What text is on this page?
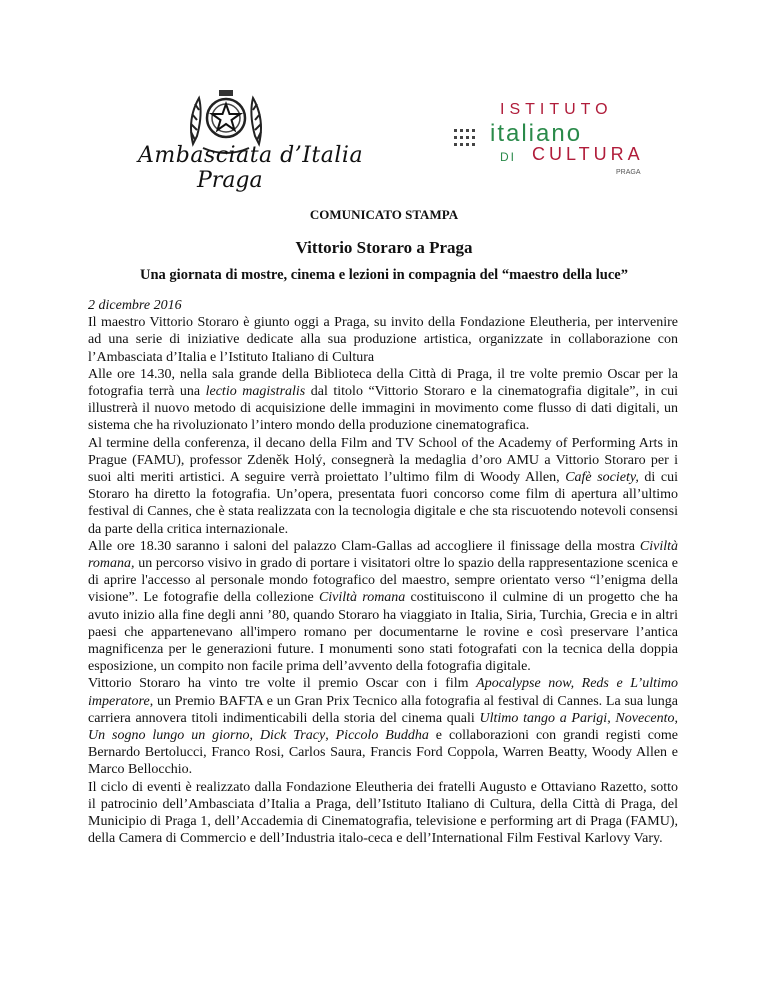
Ambasciata d’Italia
Praga
ISTITUTO
italiano
DI CULTURA
PRAGA
COMUNICATO STAMPA
Vittorio Storaro a Praga
Una giornata di mostre, cinema e lezioni in compagnia del “maestro della luce”

2 dicembre 2016

Il maestro Vittorio Storaro è giunto oggi a Praga, su invito della Fondazione Eleutheria, per intervenire ad una serie di iniziative dedicate alla sua produzione artistica, organizzate in collaborazione con l’Ambasciata d’Italia e l’Istituto Italiano di Cultura

Alle ore 14.30, nella sala grande della Biblioteca della Città di Praga, il tre volte premio Oscar per la fotografia terrà una lectio magistralis dal titolo “Vittorio Storaro e la cinematografia digitale”, in cui illustrerà il nuovo metodo di acquisizione delle immagini in movimento come flusso di dati digitali, un sistema che ha rivoluzionato l’intero mondo della produzione cinematografica.

Al termine della conferenza, il decano della Film and TV School of the Academy of Performing Arts in Prague (FAMU), professor Zdeněk Holý, consegnerà la medaglia d’oro AMU a Vittorio Storaro per i suoi alti meriti artistici. A seguire verrà proiettato l’ultimo film di Woody Allen, Cafè society, di cui Storaro ha diretto la fotografia. Un’opera, presentata fuori concorso come film di apertura all’ultimo festival di Cannes, che è stata realizzata con la tecnologia digitale e che sta riscuotendo notevoli consensi da parte della critica internazionale.

Alle ore 18.30 saranno i saloni del palazzo Clam-Gallas ad accogliere il finissage della mostra Civiltà romana, un percorso visivo in grado di portare i visitatori oltre lo spazio della rappresentazione scenica e di aprire l'accesso al personale mondo fotografico del maestro, sempre orientato verso “l’enigma della visione”. Le fotografie della collezione Civiltà romana costituiscono il culmine di un progetto che ha avuto inizio alla fine degli anni ’80, quando Storaro ha viaggiato in Italia, Siria, Turchia, Grecia e in altri paesi che appartenevano all'impero romano per documentarne le rovine e così preservare l’antica magnificenza per le generazioni future. I monumenti sono stati fotografati con la tecnica della doppia esposizione, un compito non facile prima dell’avvento della fotografia digitale.

Vittorio Storaro ha vinto tre volte il premio Oscar con i film Apocalypse now, Reds e L’ultimo imperatore, un Premio BAFTA e un Gran Prix Tecnico alla fotografia al festival di Cannes. La sua lunga carriera annovera titoli indimenticabili della storia del cinema quali Ultimo tango a Parigi, Novecento, Un sogno lungo un giorno, Dick Tracy, Piccolo Buddha e collaborazioni con grandi registi come Bernardo Bertolucci, Franco Rosi, Carlos Saura, Francis Ford Coppola, Warren Beatty, Woody Allen e Marco Bellocchio.

Il ciclo di eventi è realizzato dalla Fondazione Eleutheria dei fratelli Augusto e Ottaviano Razetto, sotto il patrocinio dell’Ambasciata d’Italia a Praga, dell’Istituto Italiano di Cultura, della Città di Praga, del Municipio di Praga 1, dell’Accademia di Cinematografia, televisione e performing art di Praga (FAMU), della Camera di Commercio e dell’Industria italo-ceca e dell’International Film Festival Karlovy Vary.
